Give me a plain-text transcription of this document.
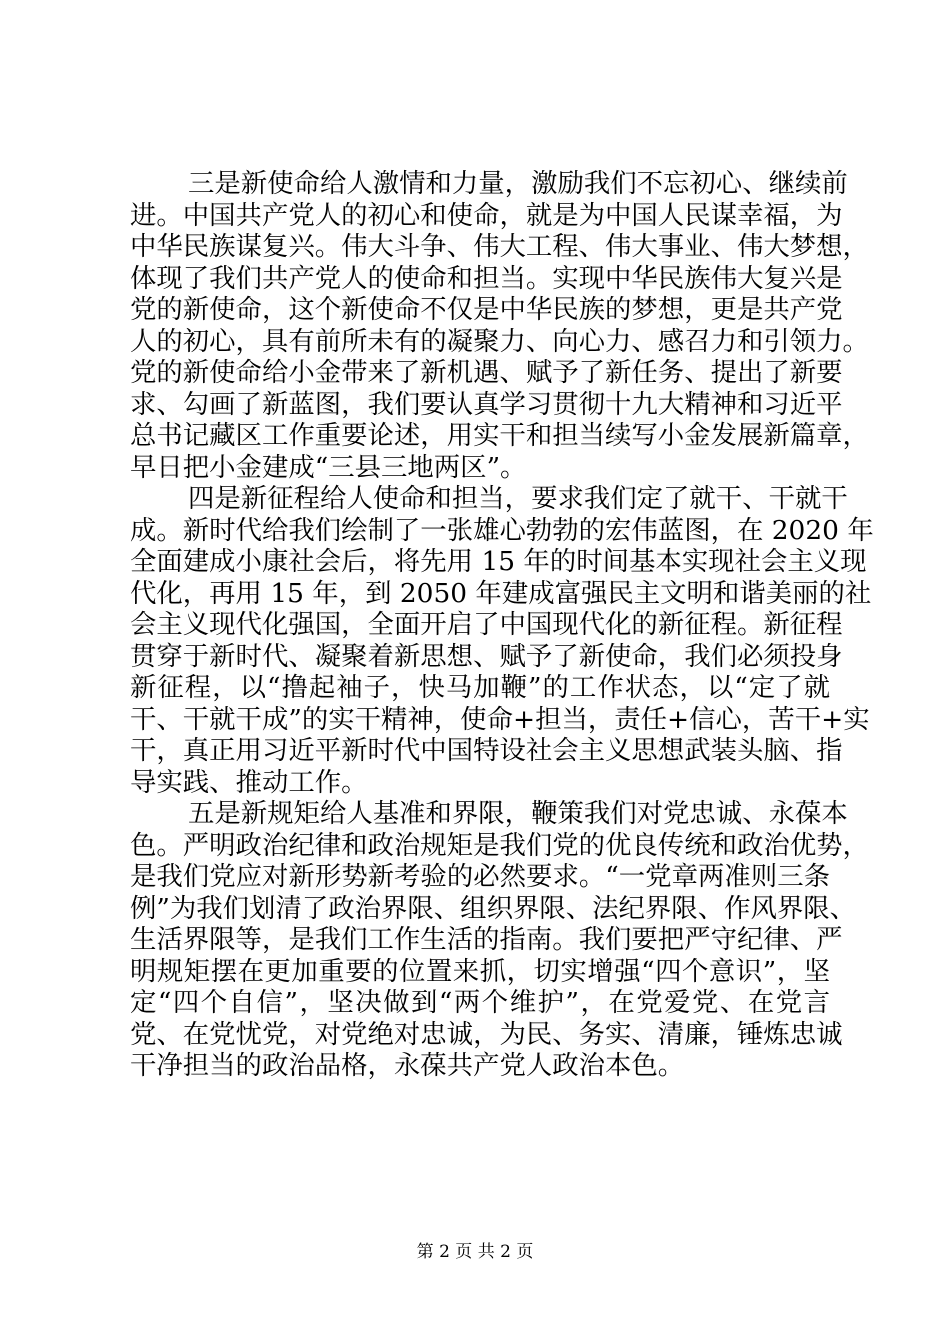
三是新使命给人激情和力量，激励我们不忘初心、继续前
进。中国共产党人的初心和使命，就是为中国人民谋幸福，为
中华民族谋复兴。伟大斗争、伟大工程、伟大事业、伟大梦想，
体现了我们共产党人的使命和担当。实现中华民族伟大复兴是
党的新使命，这个新使命不仅是中华民族的梦想，更是共产党
人的初心，具有前所未有的凝聚力、向心力、感召力和引领力。
党的新使命给小金带来了新机遇、赋予了新任务、提出了新要
求、勾画了新蓝图，我们要认真学习贯彻十九大精神和习近平
总书记藏区工作重要论述，用实干和担当续写小金发展新篇章，
早日把小金建成“三县三地两区”。
四是新征程给人使命和担当，要求我们定了就干、干就干
成。新时代给我们绘制了一张雄心勃勃的宏伟蓝图，在 2020 年
全面建成小康社会后，将先用 15 年的时间基本实现社会主义现
代化，再用 15 年，到 2050 年建成富强民主文明和谐美丽的社
会主义现代化强国，全面开启了中国现代化的新征程。新征程
贯穿于新时代、凝聚着新思想、赋予了新使命，我们必须投身
新征程，以“撸起袖子，快马加鞭”的工作状态，以“定了就
干、干就干成”的实干精神，使命+担当，责任+信心，苦干+实
干，真正用习近平新时代中国特设社会主义思想武装头脑、指
导实践、推动工作。
五是新规矩给人基准和界限，鞭策我们对党忠诚、永葆本
色。严明政治纪律和政治规矩是我们党的优良传统和政治优势，
是我们党应对新形势新考验的必然要求。“一党章两准则三条
例”为我们划清了政治界限、组织界限、法纪界限、作风界限、
生活界限等，是我们工作生活的指南。我们要把严守纪律、严
明规矩摆在更加重要的位置来抓，切实增强“四个意识”，坚
定“四个自信”，坚决做到“两个维护”，在党爱党、在党言
党、在党忧党，对党绝对忠诚，为民、务实、清廉，锤炼忠诚
干净担当的政治品格，永葆共产党人政治本色。
第 2 页 共 2 页
